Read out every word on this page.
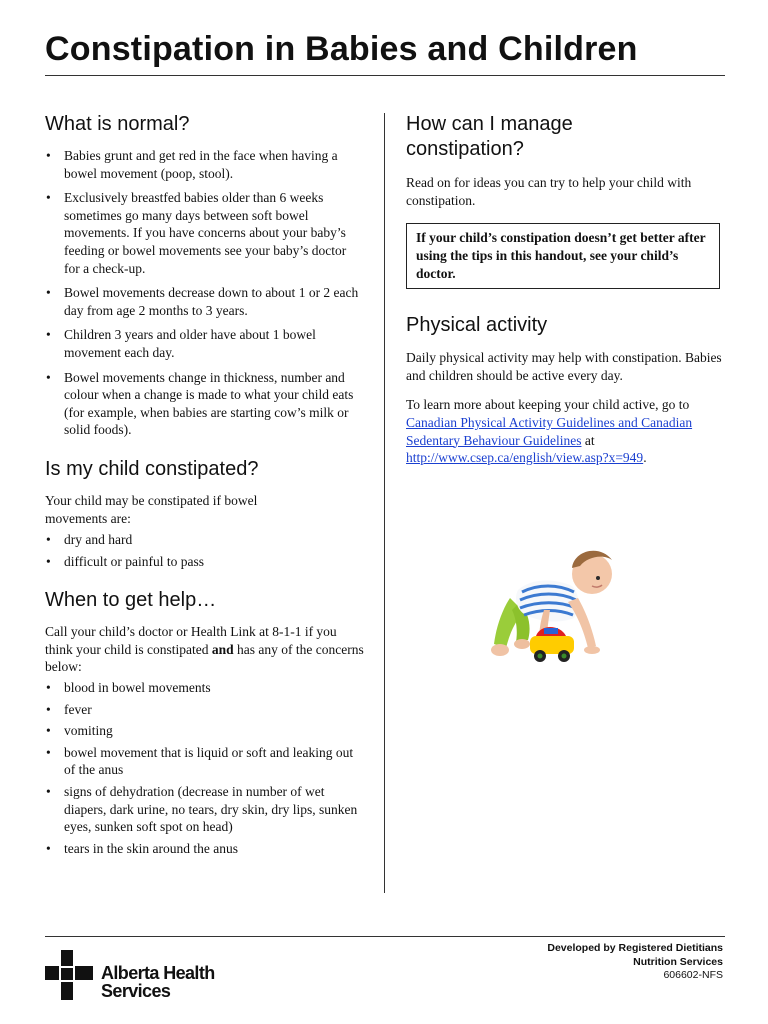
Constipation in Babies and Children
What is normal?
• Babies grunt and get red in the face when having a bowel movement (poop, stool).
• Exclusively breastfed babies older than 6 weeks sometimes go many days between soft bowel movements. If you have concerns about your baby’s feeding or bowel movements see your baby’s doctor for a check-up.
• Bowel movements decrease down to about 1 or 2 each day from age 2 months to 3 years.
• Children 3 years and older have about 1 bowel movement each day.
• Bowel movements change in thickness, number and colour when a change is made to what your child eats (for example, when babies are starting cow’s milk or solid foods).
Is my child constipated?

Your child may be constipated if bowel movements are:

• dry and hard
• difficult or painful to pass
When to get help…

Call your child’s doctor or Health Link at 8-1-1 if you think your child is constipated and has any of the concerns below:

• blood in bowel movements
• fever
• vomiting
• bowel movement that is liquid or soft and leaking out of the anus
• signs of dehydration (decrease in number of wet diapers, dark urine, no tears, dry skin, dry lips, sunken eyes, sunken soft spot on head)
• tears in the skin around the anus
How can I manage constipation?

Read on for ideas you can try to help your child with constipation.

If your child’s constipation doesn’t get better after using the tips in this handout, see your child’s doctor.
Physical activity

Daily physical activity may help with constipation. Babies and children should be active every day.

To learn more about keeping your child active, go to Canadian Physical Activity Guidelines and Canadian Sedentary Behaviour Guidelines at http://www.csep.ca/english/view.asp?x=949.

Alberta Health
Services
Developed by Registered Dietitians
Nutrition Services
606602-NFS
